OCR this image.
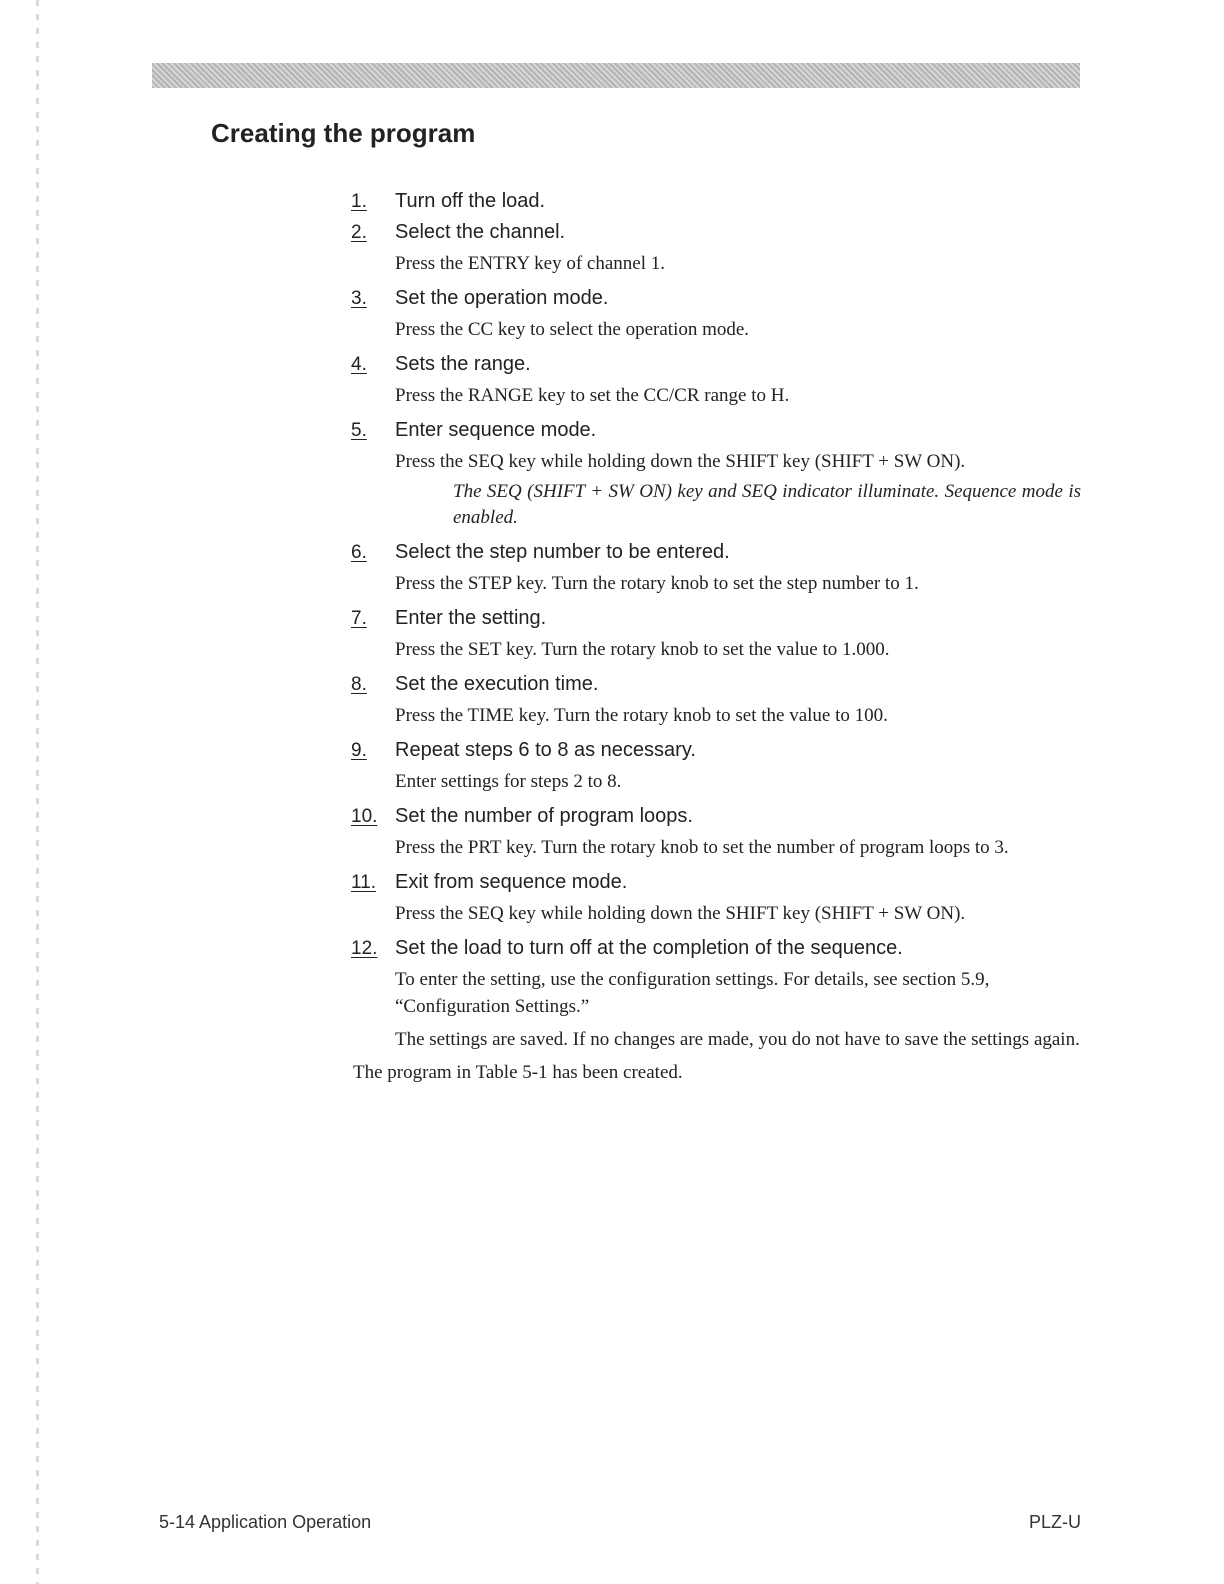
Creating the program
1.	Turn off the load.
2.	Select the channel.

Press the ENTRY key of channel 1.

3.	Set the operation mode.

Press the CC key to select the operation mode.

4.	Sets the range.

Press the RANGE key to set the CC/CR range to H.

5.	Enter sequence mode.

Press the SEQ key while holding down the SHIFT key (SHIFT + SW ON).

The SEQ (SHIFT + SW ON) key and SEQ indicator illuminate. Sequence mode is enabled.

6.	Select the step number to be entered.

Press the STEP key. Turn the rotary knob to set the step number to 1.

7.	Enter the setting.

Press the SET key. Turn the rotary knob to set the value to 1.000.

8.	Set the execution time.

Press the TIME key. Turn the rotary knob to set the value to 100.

9.	Repeat steps 6 to 8 as necessary.

Enter settings for steps 2 to 8.

10. Set the number of program loops.

Press the PRT key. Turn the rotary knob to set the number of program loops to 3.

11. Exit from sequence mode.

Press the SEQ key while holding down the SHIFT key (SHIFT + SW ON).

12. Set the load to turn off at the completion of the sequence.

To enter the setting, use the configuration settings. For details, see section 5.9, “Configuration Settings.”

The settings are saved. If no changes are made, you do not have to save the settings again.

The program in Table 5-1 has been created.

5-14 Application Operation	PLZ-U
